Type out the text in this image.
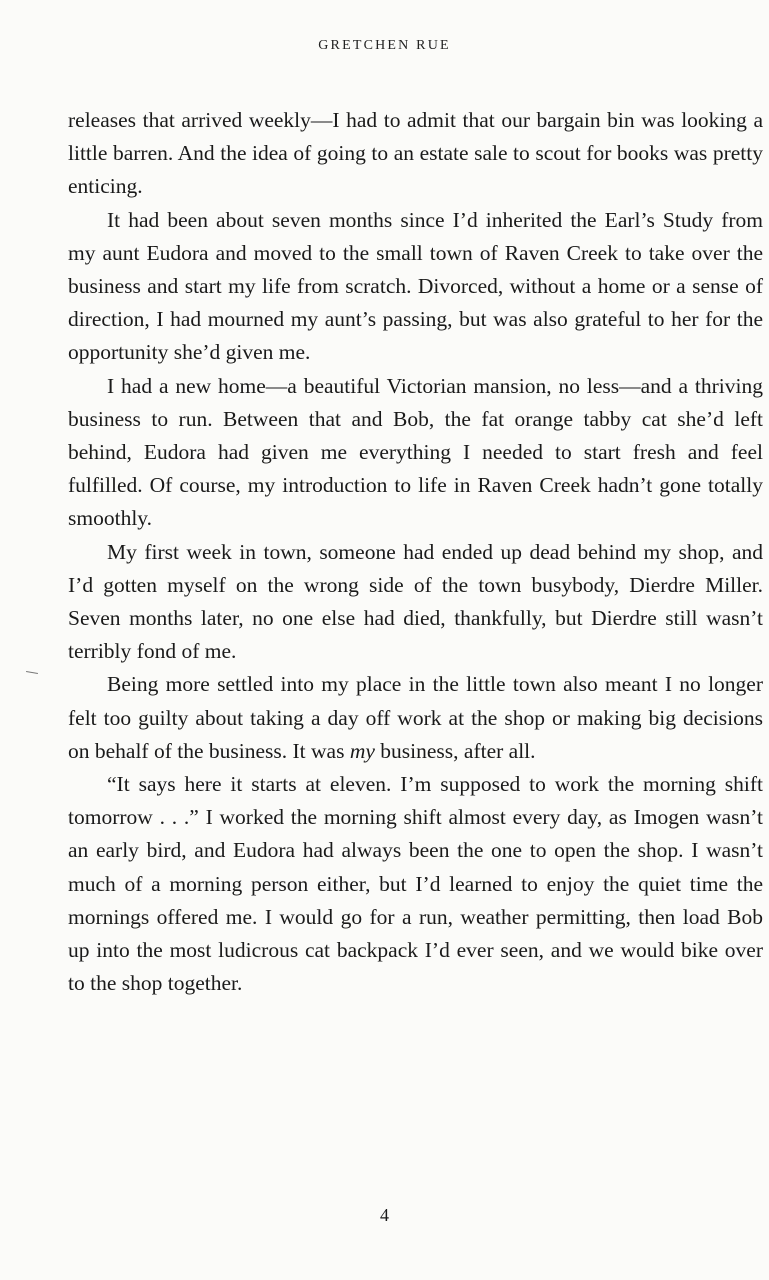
GRETCHEN RUE

releases that arrived weekly—I had to admit that our bargain bin was looking a little barren. And the idea of going to an estate sale to scout for books was pretty enticing.

It had been about seven months since I’d inherited the Earl’s Study from my aunt Eudora and moved to the small town of Raven Creek to take over the business and start my life from scratch. Divorced, without a home or a sense of direction, I had mourned my aunt’s passing, but was also grateful to her for the opportunity she’d given me.

I had a new home—a beautiful Victorian mansion, no less—and a thriving business to run. Between that and Bob, the fat orange tabby cat she’d left behind, Eudora had given me everything I needed to start fresh and feel fulfilled. Of course, my introduction to life in Raven Creek hadn’t gone totally smoothly.

My first week in town, someone had ended up dead behind my shop, and I’d gotten myself on the wrong side of the town busybody, Dierdre Miller. Seven months later, no one else had died, thankfully, but Dierdre still wasn’t terribly fond of me.

Being more settled into my place in the little town also meant I no longer felt too guilty about taking a day off work at the shop or making big decisions on behalf of the business. It was my business, after all.

“It says here it starts at eleven. I’m supposed to work the morning shift tomorrow . . .” I worked the morning shift almost every day, as Imogen wasn’t an early bird, and Eudora had always been the one to open the shop. I wasn’t much of a morning person either, but I’d learned to enjoy the quiet time the mornings offered me. I would go for a run, weather permitting, then load Bob up into the most ludicrous cat backpack I’d ever seen, and we would bike over to the shop together.

4
